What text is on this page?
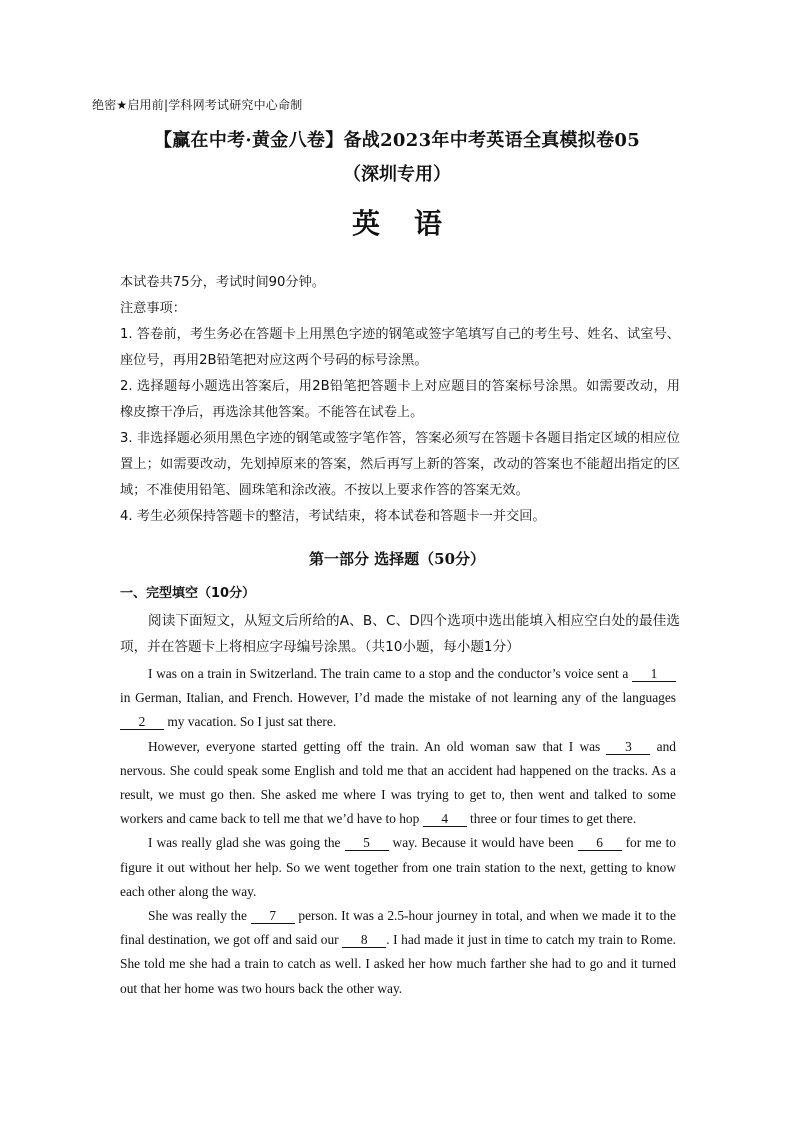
绝密★启用前|学科网考试研究中心命制
【赢在中考·黄金八卷】备战2023年中考英语全真模拟卷05
（深圳专用）
英语

本试卷共75分，考试时间90分钟。

注意事项：

1. 答卷前，考生务必在答题卡上用黑色字迹的钢笔或签字笔填写自己的考生号、姓名、试室号、座位号，再用2B铅笔把对应这两个号码的标号涂黑。

2. 选择题每小题选出答案后，用2B铅笔把答题卡上对应题目的答案标号涂黑。如需要改动，用橡皮擦干净后，再选涂其他答案。不能答在试卷上。

3. 非选择题必须用黑色字迹的钢笔或签字笔作答，答案必须写在答题卡各题目指定区域的相应位置上；如需要改动，先划掉原来的答案，然后再写上新的答案，改动的答案也不能超出指定的区域；不准使用铅笔、圆珠笔和涂改液。不按以上要求作答的答案无效。

4. 考生必须保持答题卡的整洁，考试结束，将本试卷和答题卡一并交回。

第一部分 选择题（50分）
一、完型填空（10分）
阅读下面短文，从短文后所给的A、B、C、D四个选项中选出能填入相应空白处的最佳选项，并在答题卡上将相应字母编号涂黑。（共10小题，每小题1分）

I was on a train in Switzerland. The train came to a stop and the conductor’s voice sent a 1 in German, Italian, and French. However, I’d made the mistake of not learning any of the languages 2 my vacation. So I just sat there.

However, everyone started getting off the train. An old woman saw that I was 3 and nervous. She could speak some English and told me that an accident had happened on the tracks. As a result, we must go then. She asked me where I was trying to get to, then went and talked to some workers and came back to tell me that we’d have to hop 4 three or four times to get there.

I was really glad she was going the 5 way. Because it would have been 6 for me to figure it out without her help. So we went together from one train station to the next, getting to know each other along the way.

She was really the 7 person. It was a 2.5-hour journey in total, and when we made it to the final destination, we got off and said our 8 . I had made it just in time to catch my train to Rome. She told me she had a train to catch as well. I asked her how much farther she had to go and it turned out that her home was two hours back the other way.
